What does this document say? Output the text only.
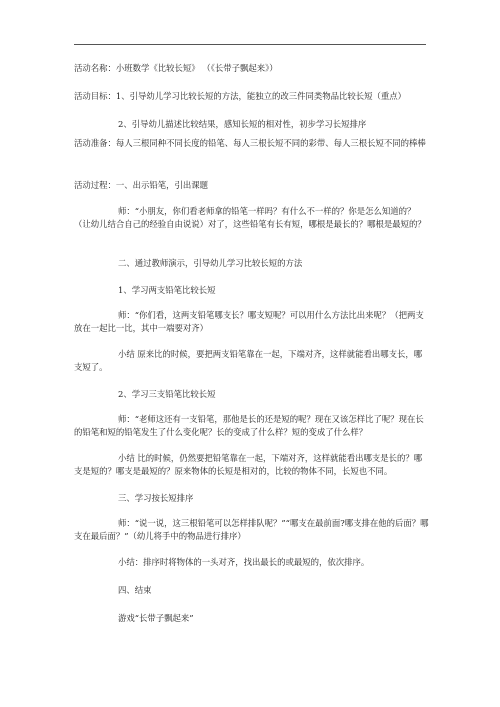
活动名称：小班数学《比较长短》 （《长带子飘起来》）

活动目标：1、引导幼儿学习比较长短的方法，能独立的改三件同类物品比较长短（重点）

2、引导幼儿描述比较结果，感知长短的相对性，初步学习长短排序

活动准备：每人三根同种不同长度的铅笔、每人三根长短不同的彩带、每人三根长短不同的棒棒

活动过程：一、出示铅笔，引出课题

师：“小朋友，你们看老师拿的铅笔一样吗？有什么不一样的？你是怎么知道的？（让幼儿结合自己的经验自由说说）对了，这些铅笔有长有短，哪根是最长的？哪根是最短的？

二、通过教师演示，引导幼儿学习比较长短的方法

1、学习两支铅笔比较长短

师：“你们看，这两支铅笔哪支长？哪支短呢？可以用什么方法比出来呢？（把两支放在一起比一比，其中一端要对齐）

小结 原来比的时候，要把两支铅笔靠在一起，下端对齐，这样就能看出哪支长，哪支短了。

2、学习三支铅笔比较长短

师：“老师这还有一支铅笔，那他是长的还是短的呢？现在又该怎样比了呢？现在长的铅笔和短的铅笔发生了什么变化呢？长的变成了什么样？短的变成了什么样？

小结 比的时候，仍然要把铅笔靠在一起，下端对齐，这样就能看出哪支是长的？哪支是短的？哪支是最短的？原来物体的长短是相对的，比较的物体不同，长短也不同。

三、学习按长短排序

师：“说一说，这三根铅笔可以怎样排队呢？”“哪支在最前面?哪支排在他的后面？哪支在最后面？”（幼儿将手中的物品进行排序）

小结：排序时将物体的一头对齐，找出最长的或最短的，依次排序。

四、结束

游戏“长带子飘起来”
